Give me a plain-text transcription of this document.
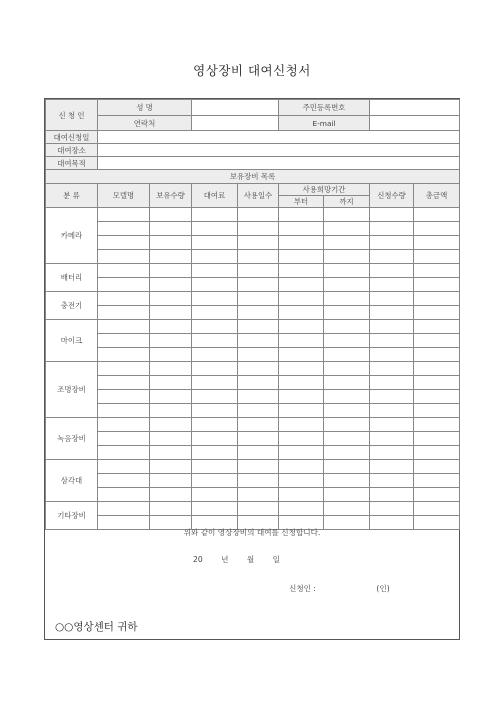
영상장비 대여신청서
신 청 인	성 명				주민등록번호			
	연락처				E-mail			
대여신청일								
대여장소								
대여목적								
보유장비 목록								
분 류	모델명	보유수량	대여료	사용일수	사용희망기간		신청수량	총금액
					부터	까지		
카메라								

배터리								

충전기								

마이크								

조명장비								

녹음장비								

삼각대								

기타장비								

위와 같이 영상장비의 대여를 신청합니다.
20 년 월 일
신청인 :	(인)
○○영상센터 귀하
